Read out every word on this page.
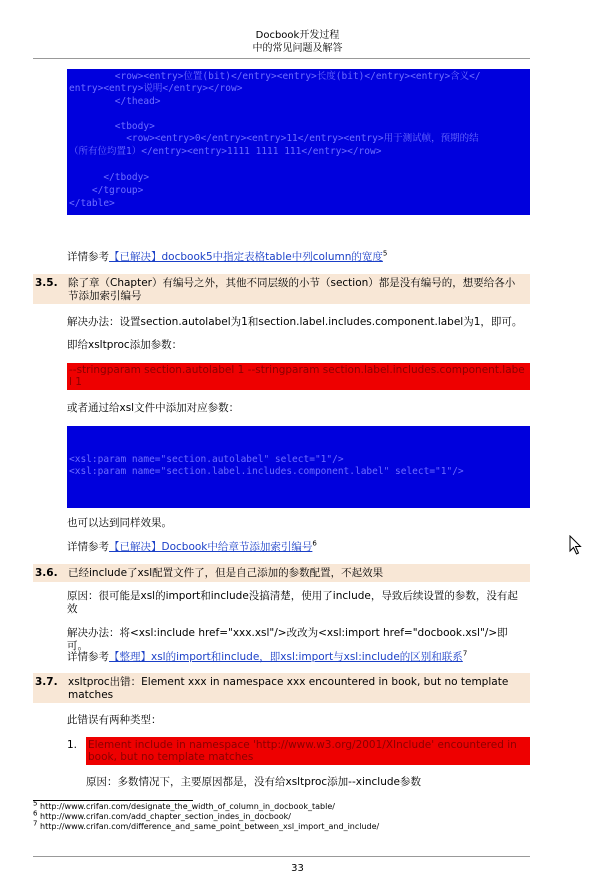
Docbook开发过程
中的常见问题及解答
<row><entry>位置(bit)</entry><entry>长度(bit)</entry><entry>含义</
entry><entry>说明</entry></row>
</thead>
<tbody>
<row><entry>0</entry><entry>11</entry><entry>用于测试帧，预期的结
（所有位均置1）</entry><entry>1111 1111 111</entry></row>
</tbody>
</tgroup>
</table>
详情参考【已解决】docbook5中指定表格table中列column的宽度$^5$
3.5. 除了章（Chapter）有编号之外，其他不同层级的小节（section）都是没有编号的，想要给各小节添加索引编号
解决办法：设置section.autolabel为1和section.label.includes.component.label为1，即可。
即给xsltproc添加参数：
--stringparam section.autolabel 1 --stringparam section.label.includes.component.label 1
或者通过给xsl文件中添加对应参数：
<xsl:param name="section.autolabel" select="1"/>
<xsl:param name="section.label.includes.component.label" select="1"/>
也可以达到同样效果。
详情参考【已解决】Docbook中给章节添加索引编号$^6$
3.6. 已经include了xsl配置文件了，但是自己添加的参数配置，不起效果
原因：很可能是xsl的import和include没搞清楚，使用了include，导致后续设置的参数，没有起效
解决办法：将<xsl:include href="xxx.xsl"/>改改为<xsl:import href="docbook.xsl"/>即可。
详情参考【整理】xsl的import和include，即xsl:import与xsl:include的区别和联系$^7$
3.7. xsltproc出错：Element xxx in namespace xxx encountered in book, but no template matches
此错误有两种类型：
1. Element include in namespace 'http://www.w3.org/2001/XInclude' encountered in book, but no template matches
原因：多数情况下，主要原因都是，没有给xsltproc添加--xinclude参数
$^5$ http://www.crifan.com/designate_the_width_of_column_in_docbook_table/
$^6$ http://www.crifan.com/add_chapter_section_indes_in_docbook/
$^7$ http://www.crifan.com/difference_and_same_point_between_xsl_import_and_include/
33
